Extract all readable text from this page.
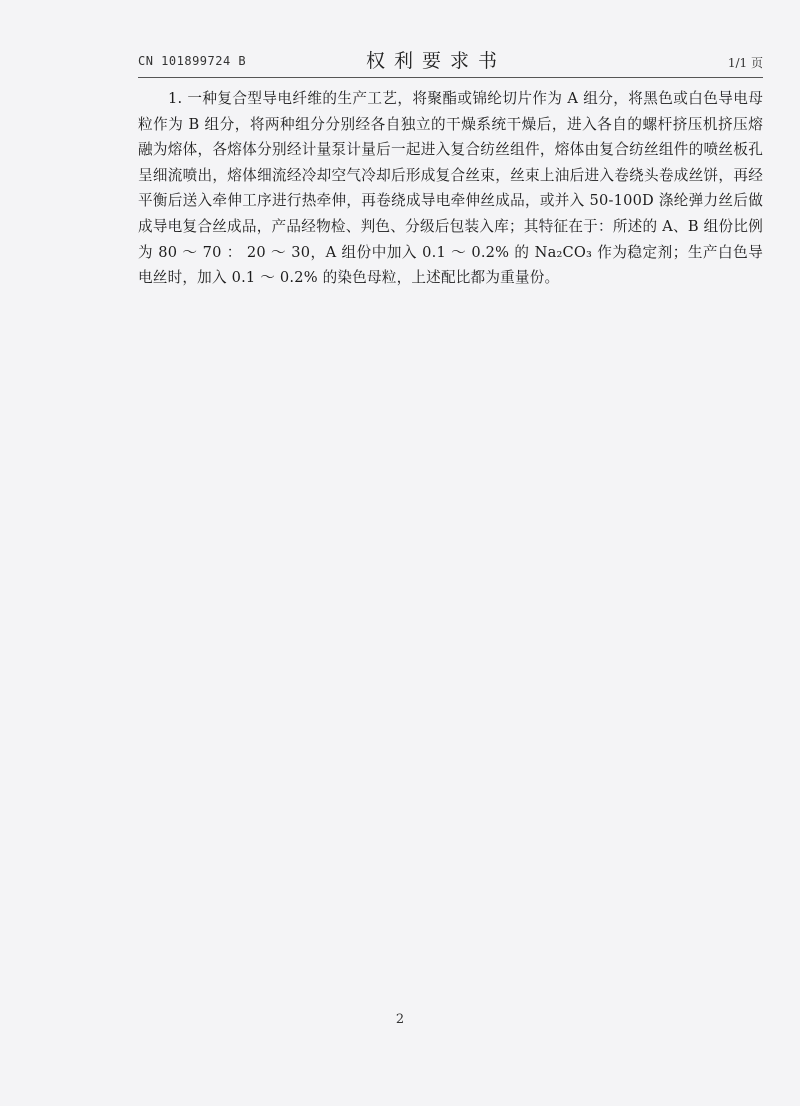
CN 101899724 B	权利要求书	1/1 页

1. 一种复合型导电纤维的生产工艺，将聚酯或锦纶切片作为 A 组分，将黑色或白色导电母粒作为 B 组分，将两种组分分别经各自独立的干燥系统干燥后，进入各自的螺杆挤压机挤压熔融为熔体，各熔体分别经计量泵计量后一起进入复合纺丝组件，熔体由复合纺丝组件的喷丝板孔呈细流喷出，熔体细流经冷却空气冷却后形成复合丝束，丝束上油后进入卷绕头卷成丝饼，再经平衡后送入牵伸工序进行热牵伸，再卷绕成导电牵伸丝成品，或并入 50-100D 涤纶弹力丝后做成导电复合丝成品，产品经物检、判色、分级后包装入库；其特征在于：所述的 A、B 组份比例为 80 ～ 70 ： 20 ～ 30，A 组份中加入 0.1 ～ 0.2% 的 Na₂CO₃ 作为稳定剂；生产白色导电丝时，加入 0.1 ～ 0.2% 的染色母粒，上述配比都为重量份。

2
